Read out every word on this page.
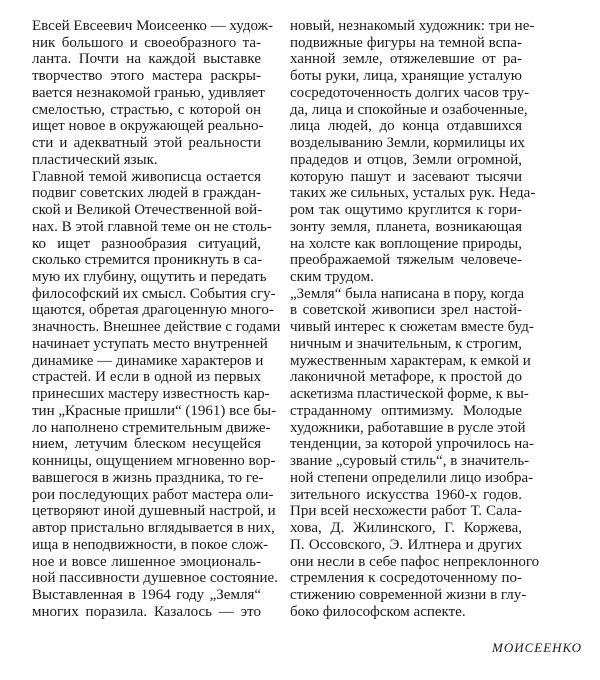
Евсей Евсеевич Моисеенко — худож-
ник большого и своеобразного та-
ланта. Почти на каждой выставке
творчество этого мастера раскры-
вается незнакомой гранью, удивляет
смелостью, страстью, с которой он
ищет новое в окружающей реально-
сти и адекватный этой реальности
пластический язык.
Главной темой живописца остается
подвиг советских людей в граждан-
ской и Великой Отечественной вой-
нах. В этой главной теме он не столь-
ко ищет разнообразия ситуаций,
сколько стремится проникнуть в са-
мую их глубину, ощутить и передать
философский их смысл. События сгу-
щаются, обретая драгоценную много-
значность. Внешнее действие с годами
начинает уступать место внутренней
динамике — динамике характеров и
страстей. И если в одной из первых
принесших мастеру известность кар-
тин „Красные пришли“ (1961) все бы-
ло наполнено стремительным движе-
нием, летучим блеском несущейся
конницы, ощущением мгновенно вор-
вавшегося в жизнь праздника, то ге-
рои последующих работ мастера оли-
цетворяют иной душевный настрой, и
автор пристально вглядывается в них,
ища в неподвижности, в покое слож-
ное и вовсе лишенное эмоциональ-
ной пассивности душевное состояние.
Выставленная в 1964 году „Земля“
многих поразила. Казалось — это
новый, незнакомый художник: три не-
подвижные фигуры на темной вспа-
ханной земле, отяжелевшие от ра-
боты руки, лица, хранящие усталую
сосредоточенность долгих часов тру-
да, лица и спокойные и озабоченные,
лица людей, до конца отдавшихся
возделыванию Земли, кормилицы их
прадедов и отцов, Земли огромной,
которую пашут и засевают тысячи
таких же сильных, усталых рук. Неда-
ром так ощутимо круглится к гори-
зонту земля, планета, возникающая
на холсте как воплощение природы,
преображаемой тяжелым человече-
ским трудом.
„Земля“ была написана в пору, когда
в советской живописи зрел настой-
чивый интерес к сюжетам вместе буд-
ничным и значительным, к строгим,
мужественным характерам, к емкой и
лаконичной метафоре, к простой до
аскетизма пластической форме, к вы-
страданному оптимизму. Молодые
художники, работавшие в русле этой
тенденции, за которой упрочилось на-
звание „суровый стиль“, в значитель-
ной степени определили лицо изобра-
зительного искусства 1960-х годов.
При всей несхожести работ Т. Сала-
хова, Д. Жилинского, Г. Коржева,
П. Оссовского, Э. Илтнера и других
они несли в себе пафос непреклонного
стремления к сосредоточенному по-
стижению современной жизни в глу-
боко философском аспекте.
МОИСЕЕНКО
